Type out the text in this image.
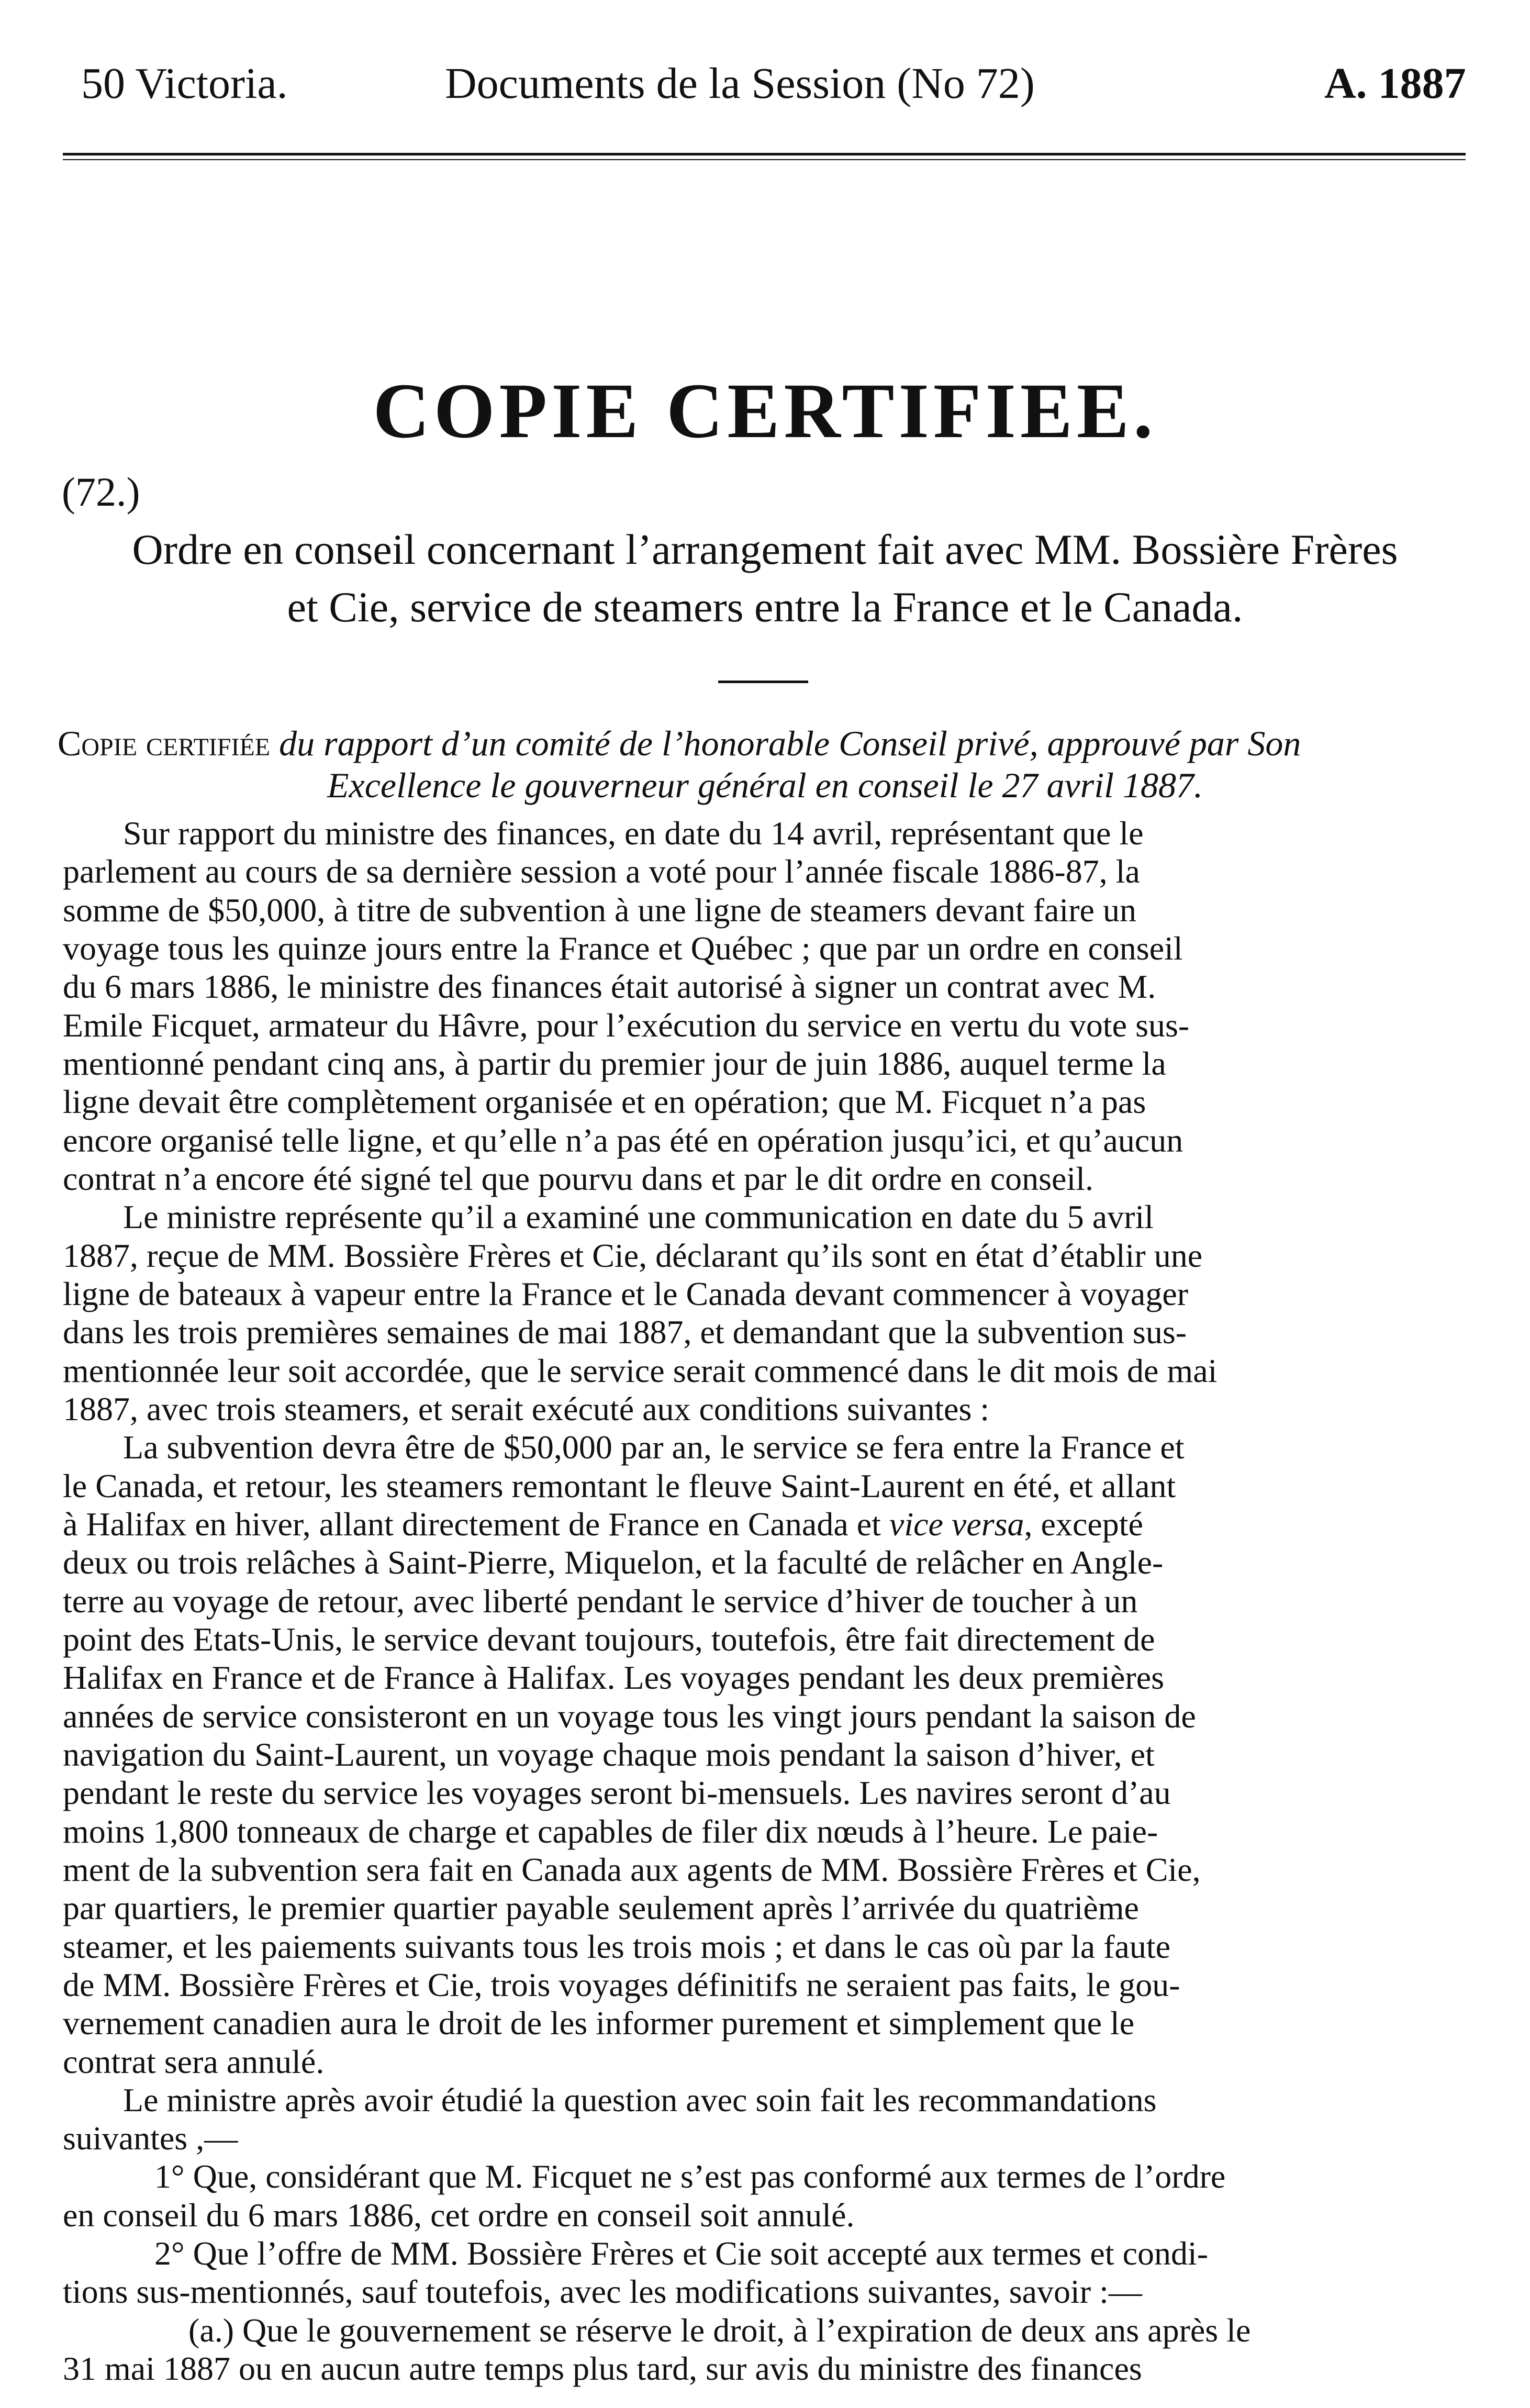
50 Victoria.	Documents de la Session (No 72)	A. 1887
COPIE CERTIFIEE.
(72.)
Ordre en conseil concernant l’arrangement fait avec MM. Bossière Frères
et Cie, service de steamers entre la France et le Canada.
Copie certifiée du rapport d’un comité de l’honorable Conseil privé, approuvé par Son
Excellence le gouverneur général en conseil le 27 avril 1887.
Sur rapport du ministre des finances, en date du 14 avril, représentant que le
parlement au cours de sa dernière session a voté pour l’année fiscale 1886-87, la
somme de $50,000, à titre de subvention à une ligne de steamers devant faire un
voyage tous les quinze jours entre la France et Québec ; que par un ordre en conseil
du 6 mars 1886, le ministre des finances était autorisé à signer un contrat avec M.
Emile Ficquet, armateur du Hâvre, pour l’exécution du service en vertu du vote sus-
mentionné pendant cinq ans, à partir du premier jour de juin 1886, auquel terme la
ligne devait être complètement organisée et en opération; que M. Ficquet n’a pas
encore organisé telle ligne, et qu’elle n’a pas été en opération jusqu’ici, et qu’aucun
contrat n’a encore été signé tel que pourvu dans et par le dit ordre en conseil.
Le ministre représente qu’il a examiné une communication en date du 5 avril
1887, reçue de MM. Bossière Frères et Cie, déclarant qu’ils sont en état d’établir une
ligne de bateaux à vapeur entre la France et le Canada devant commencer à voyager
dans les trois premières semaines de mai 1887, et demandant que la subvention sus-
mentionnée leur soit accordée, que le service serait commencé dans le dit mois de mai
1887, avec trois steamers, et serait exécuté aux conditions suivantes :
La subvention devra être de $50,000 par an, le service se fera entre la France et
le Canada, et retour, les steamers remontant le fleuve Saint-Laurent en été, et allant
à Halifax en hiver, allant directement de France en Canada et vice versa, excepté
deux ou trois relâches à Saint-Pierre, Miquelon, et la faculté de relâcher en Angle-
terre au voyage de retour, avec liberté pendant le service d’hiver de toucher à un
point des Etats-Unis, le service devant toujours, toutefois, être fait directement de
Halifax en France et de France à Halifax. Les voyages pendant les deux premières
années de service consisteront en un voyage tous les vingt jours pendant la saison de
navigation du Saint-Laurent, un voyage chaque mois pendant la saison d’hiver, et
pendant le reste du service les voyages seront bi-mensuels. Les navires seront d’au
moins 1,800 tonneaux de charge et capables de filer dix nœuds à l’heure. Le paie-
ment de la subvention sera fait en Canada aux agents de MM. Bossière Frères et Cie,
par quartiers, le premier quartier payable seulement après l’arrivée du quatrième
steamer, et les paiements suivants tous les trois mois ; et dans le cas où par la faute
de MM. Bossière Frères et Cie, trois voyages définitifs ne seraient pas faits, le gou-
vernement canadien aura le droit de les informer purement et simplement que le
contrat sera annulé.
Le ministre après avoir étudié la question avec soin fait les recommandations
suivantes ,—
1° Que, considérant que M. Ficquet ne s’est pas conformé aux termes de l’ordre
en conseil du 6 mars 1886, cet ordre en conseil soit annulé.
2° Que l’offre de MM. Bossière Frères et Cie soit accepté aux termes et condi-
tions sus-mentionnés, sauf toutefois, avec les modifications suivantes, savoir :—
(a.) Que le gouvernement se réserve le droit, à l’expiration de deux ans après le
31 mai 1887 ou en aucun autre temps plus tard, sur avis du ministre des finances
